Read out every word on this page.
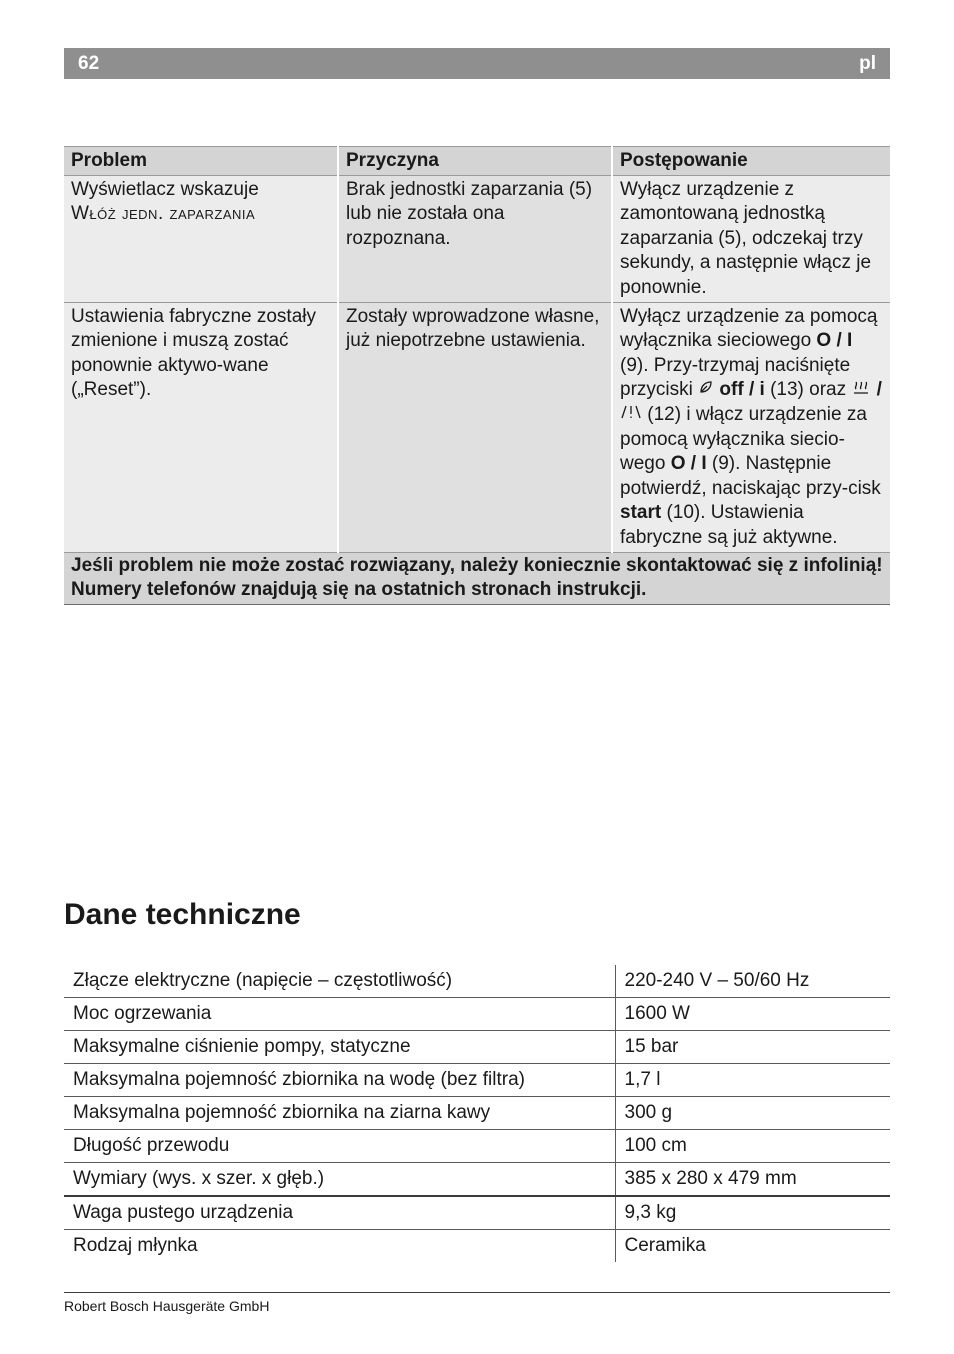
62	pl
Problem	Przyczyna	Postępowanie
Wyświetlacz wskazuje
Włóż jedn. zaparzania	Brak jednostki zaparzania (5) lub nie została ona rozpoznana.	Wyłącz urządzenie z zamontowaną jednostką zaparzania (5), odczekaj trzy sekundy, a następnie włącz je ponownie.
Ustawienia fabryczne zostały zmienione i muszą zostać ponownie aktywo-wane („Reset”).	Zostały wprowadzone własne, już niepotrzebne ustawienia.	Wyłącz urządzenie za pomocą wyłącznika sieciowego O / I (9). Przy-trzymaj naciśnięte przyciski  off / i (13) oraz  /  (12) i włącz urządzenie za pomocą wyłącznika siecio-wego O / I (9). Następnie potwierdź, naciskając przy-cisk start (10). Ustawienia fabryczne są już aktywne.
Jeśli problem nie może zostać rozwiązany, należy koniecznie skontaktować się z infolinią! Numery telefonów znajdują się na ostatnich stronach instrukcji.		
Dane techniczne
Złącze elektryczne (napięcie – częstotliwość)	220-240 V – 50/60 Hz
Moc ogrzewania	1600 W
Maksymalne ciśnienie pompy, statyczne	15 bar
Maksymalna pojemność zbiornika na wodę (bez filtra)	1,7 l
Maksymalna pojemność zbiornika na ziarna kawy	300 g
Długość przewodu	100 cm
Wymiary (wys. x szer. x głęb.)	385 x 280 x 479 mm
Waga pustego urządzenia	9,3 kg
Rodzaj młynka	Ceramika
Robert Bosch Hausgeräte GmbH
